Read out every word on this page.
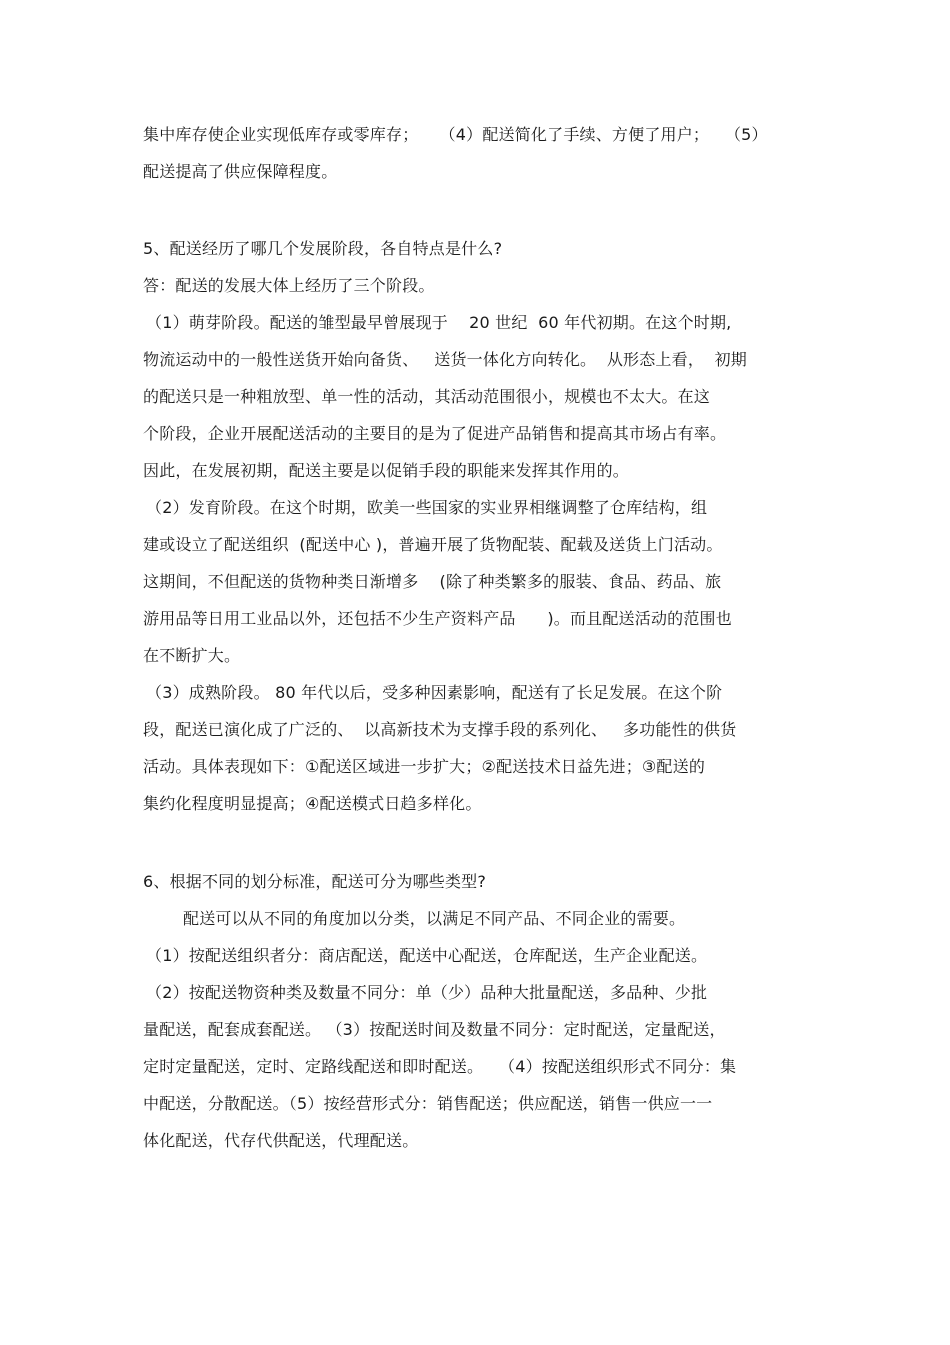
集中库存使企业实现低库存或零库存；    （4）配送简化了手续、方便了用户；   （5）
配送提高了供应保障程度。
5、配送经历了哪几个发展阶段，各自特点是什么?
答：配送的发展大体上经历了三个阶段。
（1）萌芽阶段。配送的雏型最早曾展现于    20 世纪  60 年代初期。在这个时期,
物流运动中的一般性送货开始向备货、   送货一体化方向转化。  从形态上看，  初期
的配送只是一种粗放型、单一性的活动，其活动范围很小，规模也不太大。在这
个阶段，企业开展配送活动的主要目的是为了促进产品销售和提高其市场占有率。
因此，在发展初期，配送主要是以促销手段的职能来发挥其作用的。
（2）发育阶段。在这个时期，欧美一些国家的实业界相继调整了仓库结构，组
建或设立了配送组织  (配送中心 )，普遍开展了货物配装、配载及送货上门活动。
这期间，不但配送的货物种类日渐增多    (除了种类繁多的服装、食品、药品、旅
游用品等日用工业品以外，还包括不少生产资料产品      )。而且配送活动的范围也
在不断扩大。
（3）成熟阶段。 80 年代以后，受多种因素影响，配送有了长足发展。在这个阶
段，配送已演化成了广泛的、  以高新技术为支撑手段的系列化、   多功能性的供货
活动。具体表现如下：①配送区域进一步扩大；②配送技术日益先进；③配送的
集约化程度明显提高；④配送模式日趋多样化。
6、根据不同的划分标准，配送可分为哪些类型?
配送可以从不同的角度加以分类，以满足不同产品、不同企业的需要。
（1）按配送组织者分：商店配送，配送中心配送，仓库配送，生产企业配送。
（2）按配送物资种类及数量不同分：单（少）品种大批量配送，多品种、少批
量配送，配套成套配送。 （3）按配送时间及数量不同分：定时配送，定量配送，
定时定量配送，定时、定路线配送和即时配送。   （4）按配送组织形式不同分：集
中配送，分散配送。（5）按经营形式分：销售配送；供应配送，销售一供应一一
体化配送，代存代供配送，代理配送。
